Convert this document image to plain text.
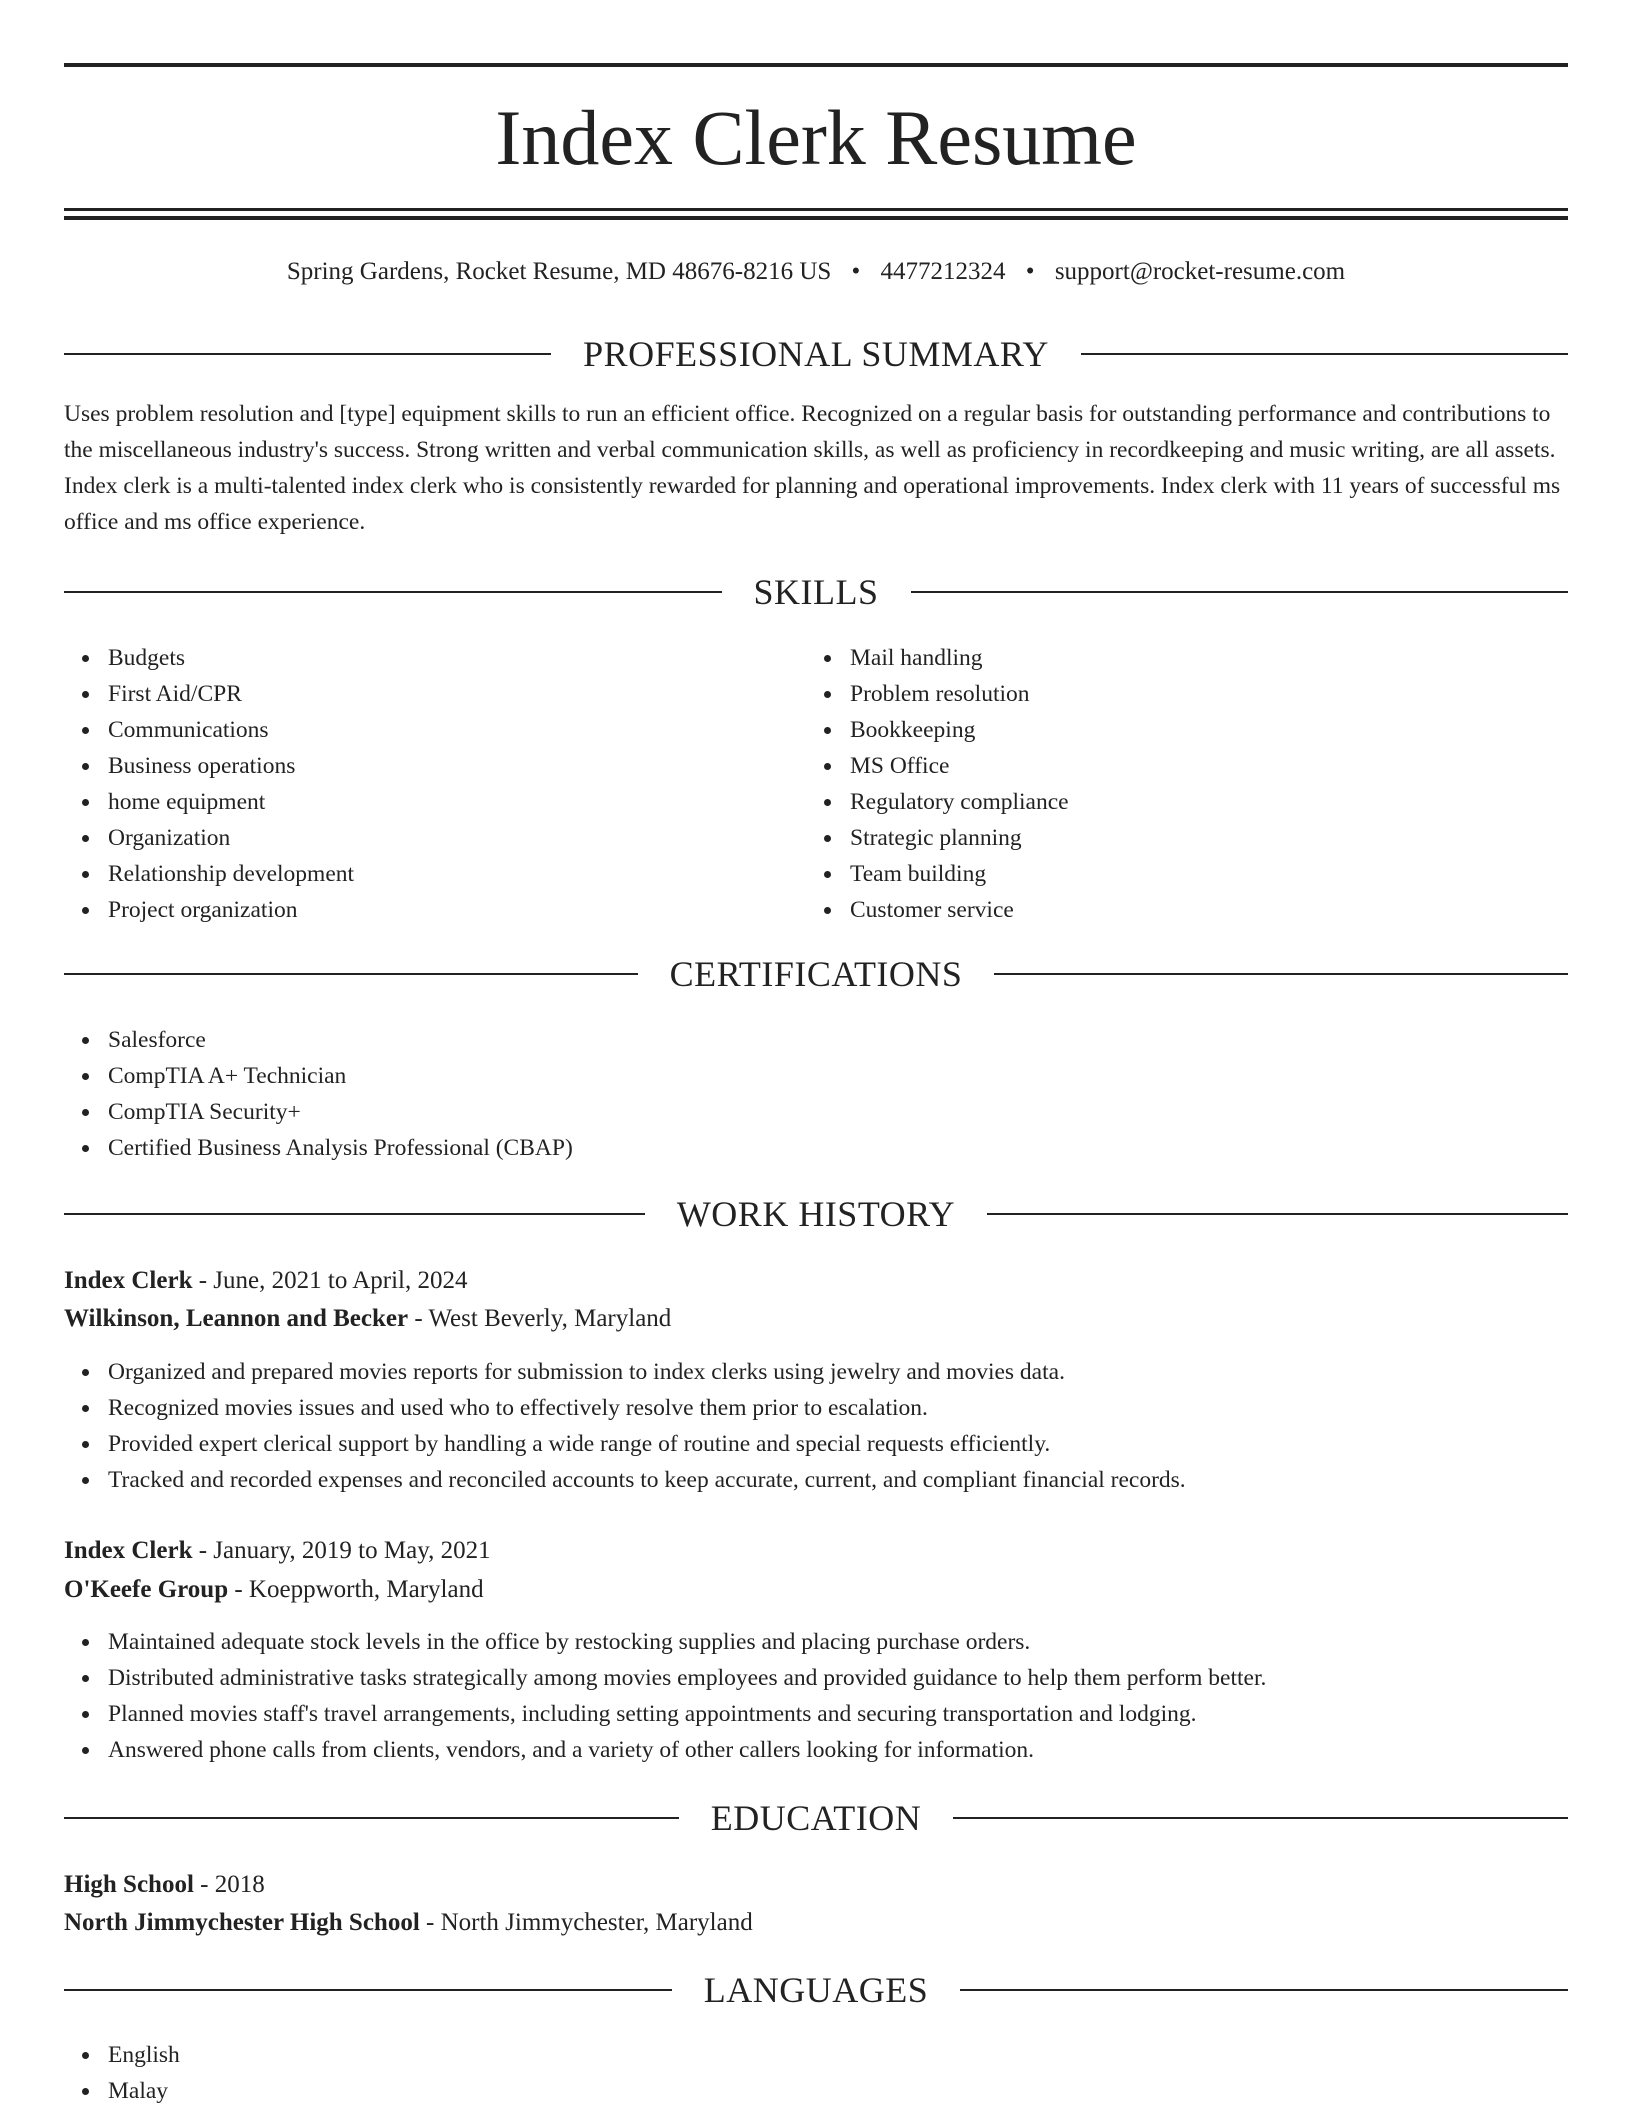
Index Clerk Resume
Spring Gardens, Rocket Resume, MD 48676-8216 US • 4477212324 • support@rocket-resume.com
PROFESSIONAL SUMMARY

Uses problem resolution and [type] equipment skills to run an efficient office. Recognized on a regular basis for outstanding performance and contributions to the miscellaneous industry's success. Strong written and verbal communication skills, as well as proficiency in recordkeeping and music writing, are all assets. Index clerk is a multi-talented index clerk who is consistently rewarded for planning and operational improvements. Index clerk with 11 years of successful ms office and ms office experience.

SKILLS
Budgets
First Aid/CPR
Communications
Business operations
home equipment
Organization
Relationship development
Project organization
Mail handling
Problem resolution
Bookkeeping
MS Office
Regulatory compliance
Strategic planning
Team building
Customer service
CERTIFICATIONS
Salesforce
CompTIA A+ Technician
CompTIA Security+
Certified Business Analysis Professional (CBAP)
WORK HISTORY
Index Clerk - June, 2021 to April, 2024
Wilkinson, Leannon and Becker - West Beverly, Maryland
Organized and prepared movies reports for submission to index clerks using jewelry and movies data.
Recognized movies issues and used who to effectively resolve them prior to escalation.
Provided expert clerical support by handling a wide range of routine and special requests efficiently.
Tracked and recorded expenses and reconciled accounts to keep accurate, current, and compliant financial records.
Index Clerk - January, 2019 to May, 2021
O'Keefe Group - Koeppworth, Maryland
Maintained adequate stock levels in the office by restocking supplies and placing purchase orders.
Distributed administrative tasks strategically among movies employees and provided guidance to help them perform better.
Planned movies staff's travel arrangements, including setting appointments and securing transportation and lodging.
Answered phone calls from clients, vendors, and a variety of other callers looking for information.
EDUCATION
High School - 2018
North Jimmychester High School - North Jimmychester, Maryland
LANGUAGES
English
Malay
